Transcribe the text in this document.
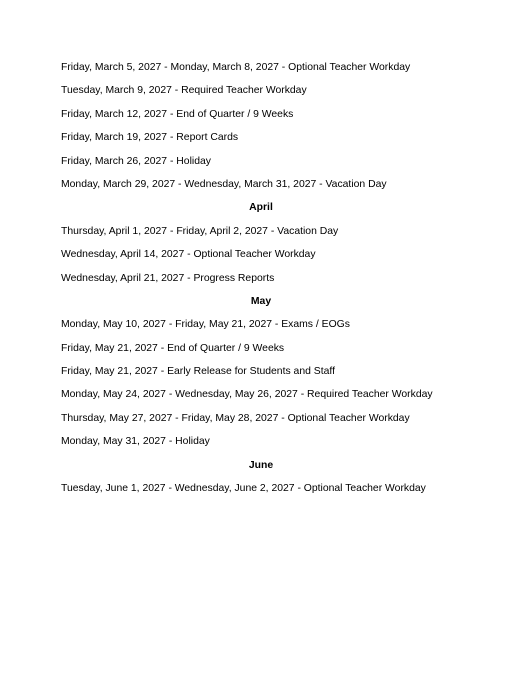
Friday, March 5, 2027 - Monday, March 8, 2027 - Optional Teacher Workday
Tuesday, March 9, 2027 - Required Teacher Workday
Friday, March 12, 2027 - End of Quarter / 9 Weeks
Friday, March 19, 2027 - Report Cards
Friday, March 26, 2027 - Holiday
Monday, March 29, 2027 - Wednesday, March 31, 2027 - Vacation Day
April
Thursday, April 1, 2027 - Friday, April 2, 2027 - Vacation Day
Wednesday, April 14, 2027 - Optional Teacher Workday
Wednesday, April 21, 2027 - Progress Reports
May
Monday, May 10, 2027 - Friday, May 21, 2027 - Exams / EOGs
Friday, May 21, 2027 - End of Quarter / 9 Weeks
Friday, May 21, 2027 - Early Release for Students and Staff
Monday, May 24, 2027 - Wednesday, May 26, 2027 - Required Teacher Workday
Thursday, May 27, 2027 - Friday, May 28, 2027 - Optional Teacher Workday
Monday, May 31, 2027 - Holiday
June
Tuesday, June 1, 2027 - Wednesday, June 2, 2027 - Optional Teacher Workday
